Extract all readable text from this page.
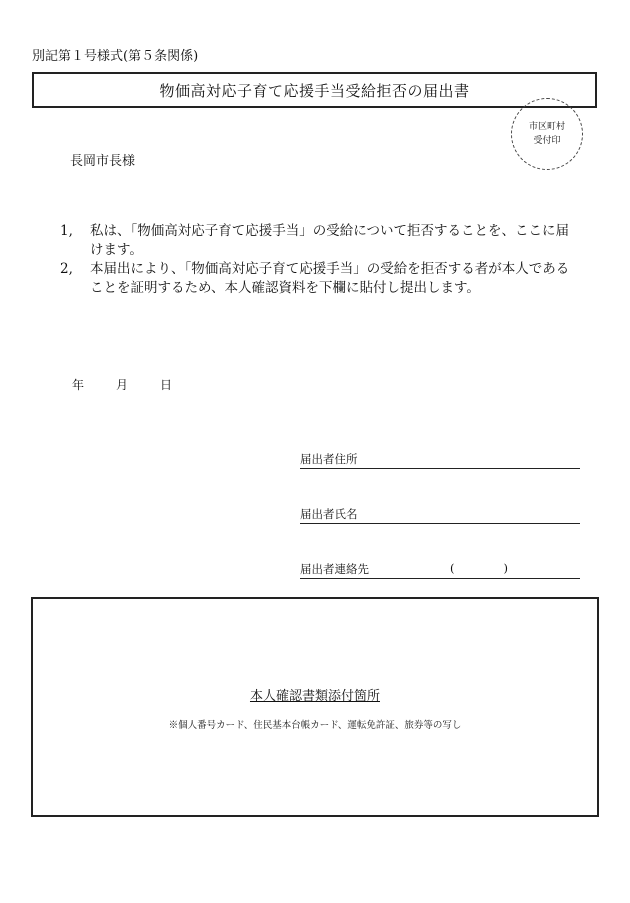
別記第１号様式(第５条関係)
物価高対応子育て応援手当受給拒否の届出書
市区町村
受付印
長岡市長様
1,	私は、「物価高対応子育て応援手当」の受給について拒否することを、ここに届けます。
2,	本届出により、「物価高対応子育て応援手当」の受給を拒否する者が本人であることを証明するため、本人確認資料を下欄に貼付し提出します。
年	月	日
届出者住所
届出者氏名
届出者連絡先	(	)
本人確認書類添付箇所
※個人番号カード、住民基本台帳カード、運転免許証、旅券等の写し
